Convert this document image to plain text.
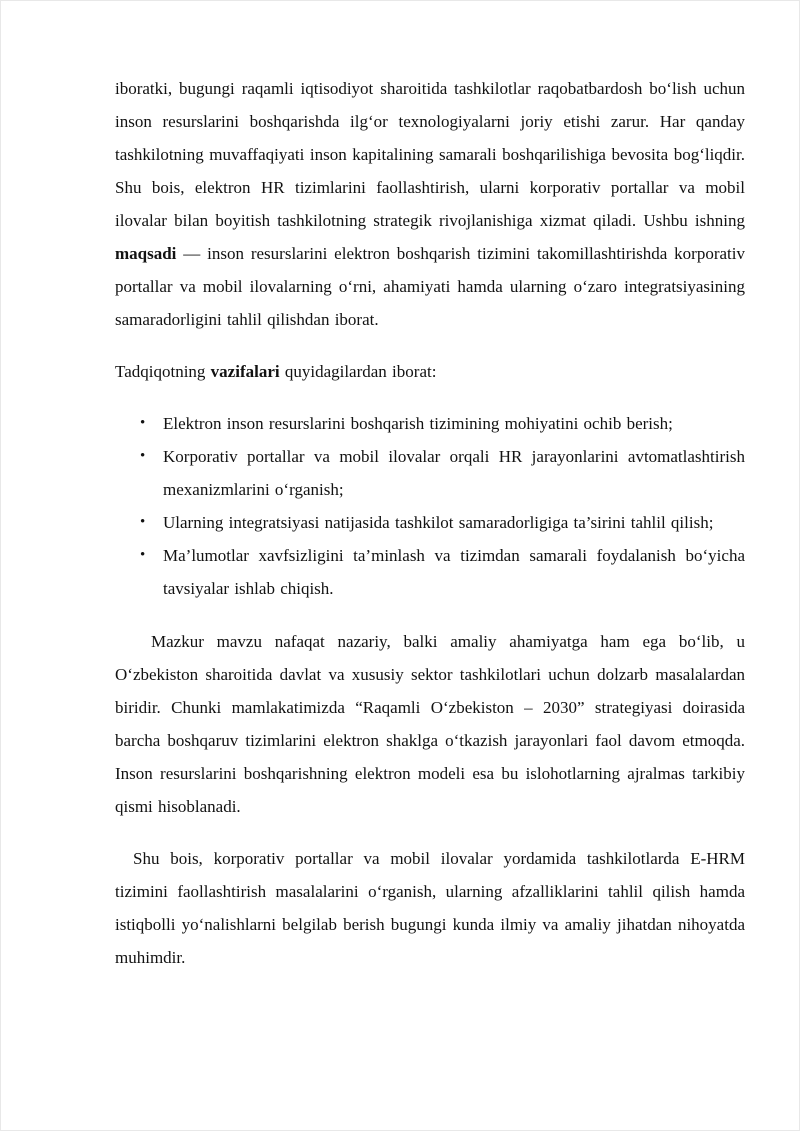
iboratki, bugungi raqamli iqtisodiyot sharoitida tashkilotlar raqobatbardosh bo‘lish uchun inson resurslarini boshqarishda ilg‘or texnologiyalarni joriy etishi zarur. Har qanday tashkilotning muvaffaqiyati inson kapitalining samarali boshqarilishiga bevosita bog‘liqdir. Shu bois, elektron HR tizimlarini faollashtirish, ularni korporativ portallar va mobil ilovalar bilan boyitish tashkilotning strategik rivojlanishiga xizmat qiladi. Ushbu ishning maqsadi — inson resurslarini elektron boshqarish tizimini takomillashtirishda korporativ portallar va mobil ilovalarning o‘rni, ahamiyati hamda ularning o‘zaro integratsiyasining samaradorligini tahlil qilishdan iborat.

Tadqiqotning vazifalari quyidagilardan iborat:

•	Elektron inson resurslarini boshqarish tizimining mohiyatini ochib berish;
•	Korporativ portallar va mobil ilovalar orqali HR jarayonlarini avtomatlashtirish mexanizmlarini o‘rganish;
•	Ularning integratsiyasi natijasida tashkilot samaradorligiga ta’sirini tahlil qilish;
•	Ma’lumotlar xavfsizligini ta’minlash va tizimdan samarali foydalanish bo‘yicha tavsiyalar ishlab chiqish.

Mazkur mavzu nafaqat nazariy, balki amaliy ahamiyatga ham ega bo‘lib, u O‘zbekiston sharoitida davlat va xususiy sektor tashkilotlari uchun dolzarb masalalardan biridir. Chunki mamlakatimizda “Raqamli O‘zbekiston – 2030” strategiyasi doirasida barcha boshqaruv tizimlarini elektron shaklga o‘tkazish jarayonlari faol davom etmoqda. Inson resurslarini boshqarishning elektron modeli esa bu islohotlarning ajralmas tarkibiy qismi hisoblanadi.

Shu bois, korporativ portallar va mobil ilovalar yordamida tashkilotlarda E-HRM tizimini faollashtirish masalalarini o‘rganish, ularning afzalliklarini tahlil qilish hamda istiqbolli yo‘nalishlarni belgilab berish bugungi kunda ilmiy va amaliy jihatdan nihoyatda muhimdir.
